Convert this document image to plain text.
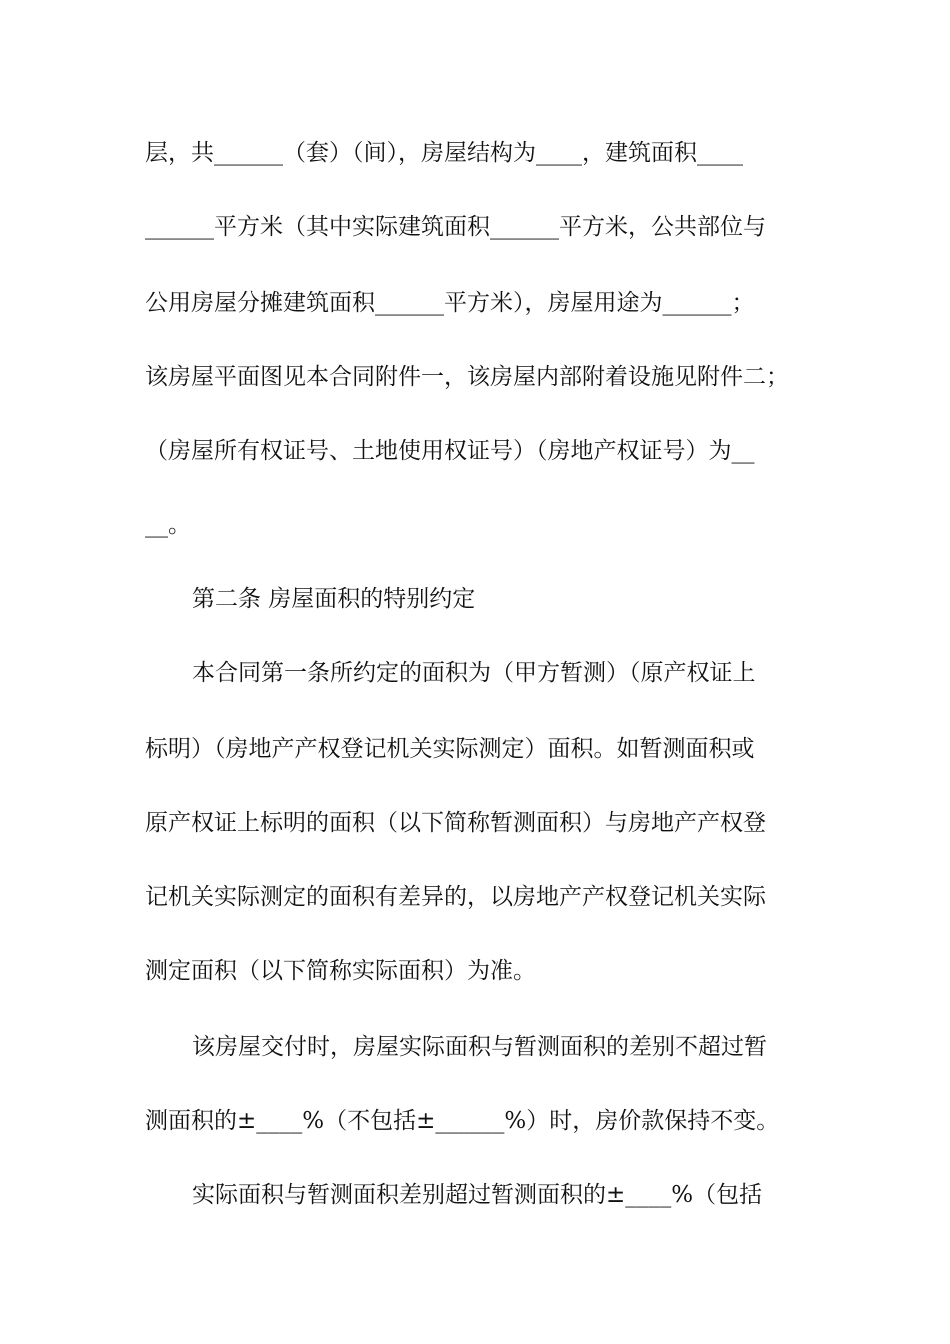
层，共______（套）（间），房屋结构为____，建筑面积____
______平方米（其中实际建筑面积______平方米，公共部位与
公用房屋分摊建筑面积______平方米），房屋用途为______；
该房屋平面图见本合同附件一，该房屋内部附着设施见附件二；
（房屋所有权证号、土地使用权证号）（房地产权证号）为__
__。
第二条 房屋面积的特别约定
本合同第一条所约定的面积为（甲方暂测）（原产权证上
标明）（房地产产权登记机关实际测定）面积。如暂测面积或
原产权证上标明的面积（以下简称暂测面积）与房地产产权登
记机关实际测定的面积有差异的，以房地产产权登记机关实际
测定面积（以下简称实际面积）为准。
该房屋交付时，房屋实际面积与暂测面积的差别不超过暂
测面积的±____%（不包括±______%）时，房价款保持不变。
实际面积与暂测面积差别超过暂测面积的±____%（包括
